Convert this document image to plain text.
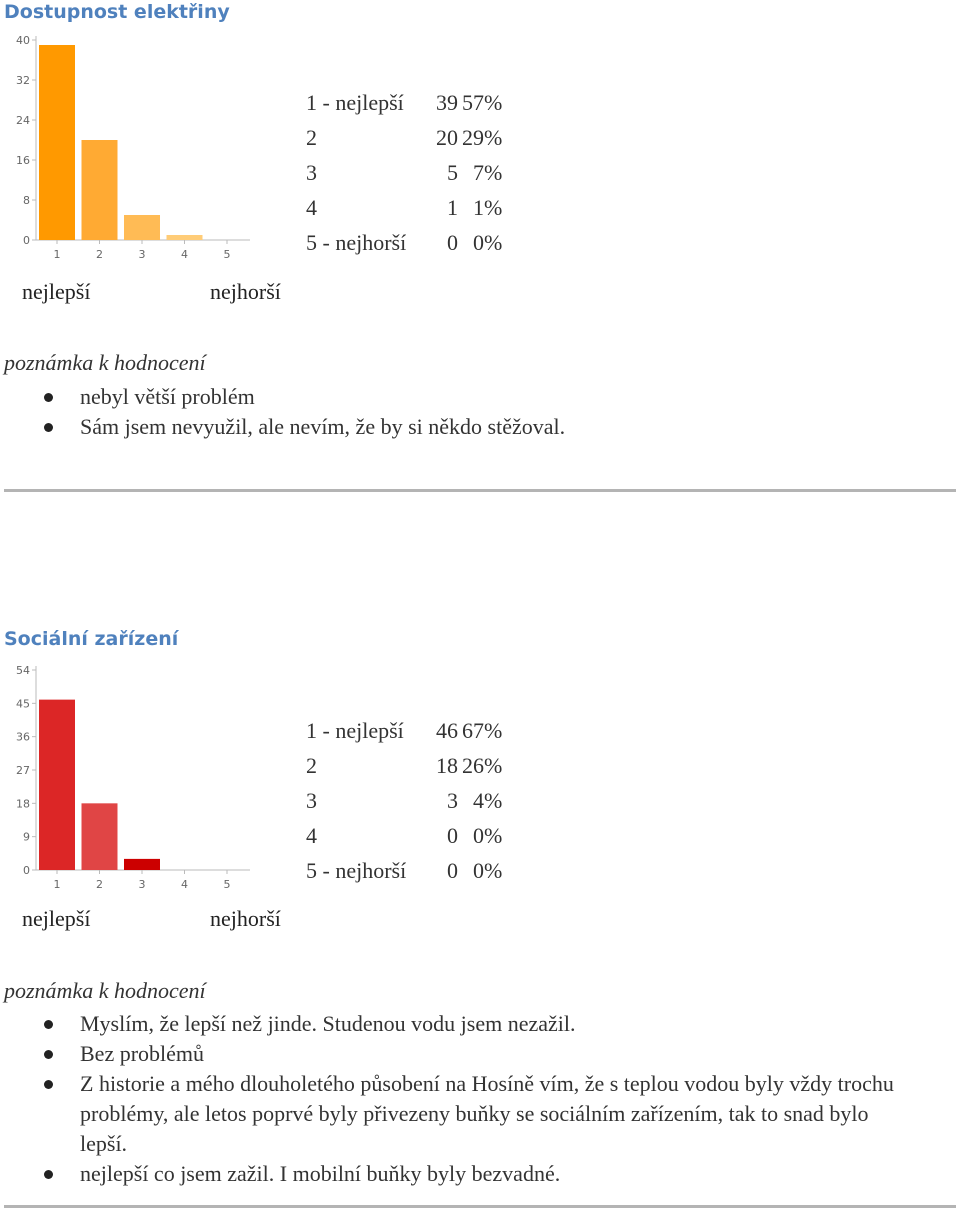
Dostupnost elektřiny
0
8
16
24
32
40
1	2	3	4	5
nejlepší	nejhorší
1 - nejlepší	39	57%
2	20	29%
3	5	7%
4	1	1%
5 - nejhorší	0	0%
poznámka k hodnocení
nebyl větší problém
Sám jsem nevyužil, ale nevím, že by si někdo stěžoval.
Sociální zařízení
0
9
18
27
36
45
54
1	2	3	4	5
nejlepší	nejhorší
1 - nejlepší	46	67%
2	18	26%
3	3	4%
4	0	0%
5 - nejhorší	0	0%
poznámka k hodnocení
Myslím, že lepší než jinde. Studenou vodu jsem nezažil.
Bez problémů
Z historie a mého dlouholetého působení na Hosíně vím, že s teplou vodou byly vždy trochu problémy, ale letos poprvé byly přivezeny buňky se sociálním zařízením, tak to snad bylo lepší.
nejlepší co jsem zažil. I mobilní buňky byly bezvadné.
